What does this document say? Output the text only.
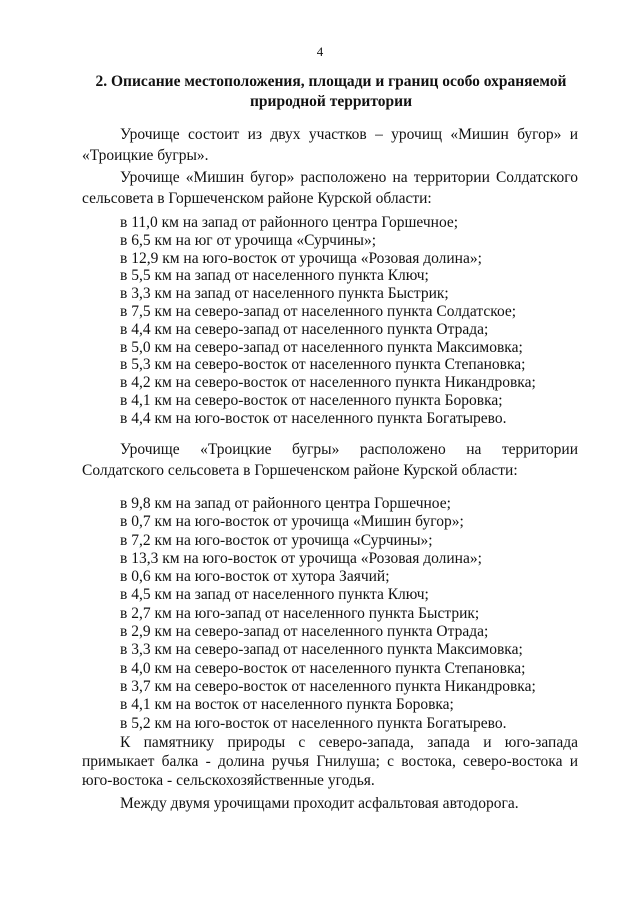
4
2. Описание местоположения, площади и границ особо охраняемой
природной территории

Урочище состоит из двух участков – урочищ «Мишин бугор» и «Троицкие бугры».

Урочище «Мишин бугор» расположено на территории Солдатского сельсовета в Горшеченском районе Курской области:

в 11,0 км на запад от районного центра Горшечное;
в 6,5 км на юг от урочища «Сурчины»;
в 12,9 км на юго-восток от урочища «Розовая долина»;
в 5,5 км на запад от населенного пункта Ключ;
в 3,3 км на запад от населенного пункта Быстрик;
в 7,5 км на северо-запад от населенного пункта Солдатское;
в 4,4 км на северо-запад от населенного пункта Отрада;
в 5,0 км на северо-запад от населенного пункта Максимовка;
в 5,3 км на северо-восток от населенного пункта Степановка;
в 4,2 км на северо-восток от населенного пункта Никандровка;
в 4,1 км на северо-восток от населенного пункта Боровка;
в 4,4 км на юго-восток от населенного пункта Богатырево.

Урочище «Троицкие бугры» расположено на территории Солдатского сельсовета в Горшеченском районе Курской области:

в 9,8 км на запад от районного центра Горшечное;
в 0,7 км на юго-восток от урочища «Мишин бугор»;
в 7,2 км на юго-восток от урочища «Сурчины»;
в 13,3 км на юго-восток от урочища «Розовая долина»;
в 0,6 км на юго-восток от хутора Заячий;
в 4,5 км на запад от населенного пункта Ключ;
в 2,7 км на юго-запад от населенного пункта Быстрик;
в 2,9 км на северо-запад от населенного пункта Отрада;
в 3,3 км на северо-запад от населенного пункта Максимовка;
в 4,0 км на северо-восток от населенного пункта Степановка;
в 3,7 км на северо-восток от населенного пункта Никандровка;
в 4,1 км на восток от населенного пункта Боровка;
в 5,2 км на юго-восток от населенного пункта Богатырево.

К памятнику природы с северо-запада, запада и юго-запада примыкает балка - долина ручья Гнилуша; с востока, северо-востока и юго-востока - сельскохозяйственные угодья.

Между двумя урочищами проходит асфальтовая автодорога.
